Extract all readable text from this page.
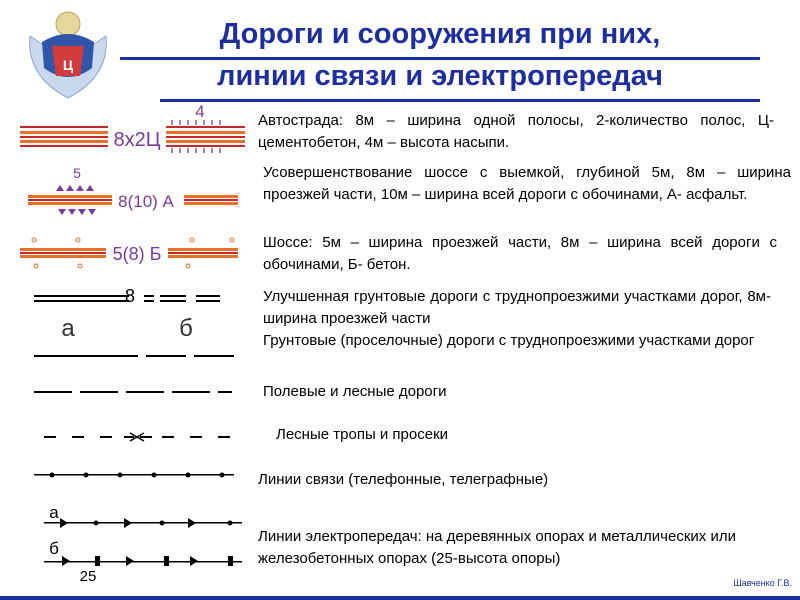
Ц
Дороги и сооружения при них,
линии связи и электропередач
8х2Ц
4
8(10) А
5
5(8) Б
8
а	б
а
б
25
Автострада: 8м – ширина одной полосы, 2-количество полос, Ц- цементобетон, 4м – высота насыпи.
Усовершенствование шоссе с выемкой, глубиной 5м, 8м – ширина проезжей части, 10м – ширина всей дороги с обочинами, А- асфальт.
Шоссе: 5м – ширина проезжей части, 8м – ширина всей дороги с обочинами, Б- бетон.
Улучшенная грунтовые дороги с труднопроезжими участками дорог, 8м- ширина проезжей части
Грунтовые (проселочные) дороги с труднопроезжими участками дорог
Полевые и лесные дороги
Лесные тропы и просеки
Линии связи (телефонные, телеграфные)
Линии электропередач: на деревянных опорах и металлических или железобетонных опорах (25-высота опоры)
Шавченко Г.В.
